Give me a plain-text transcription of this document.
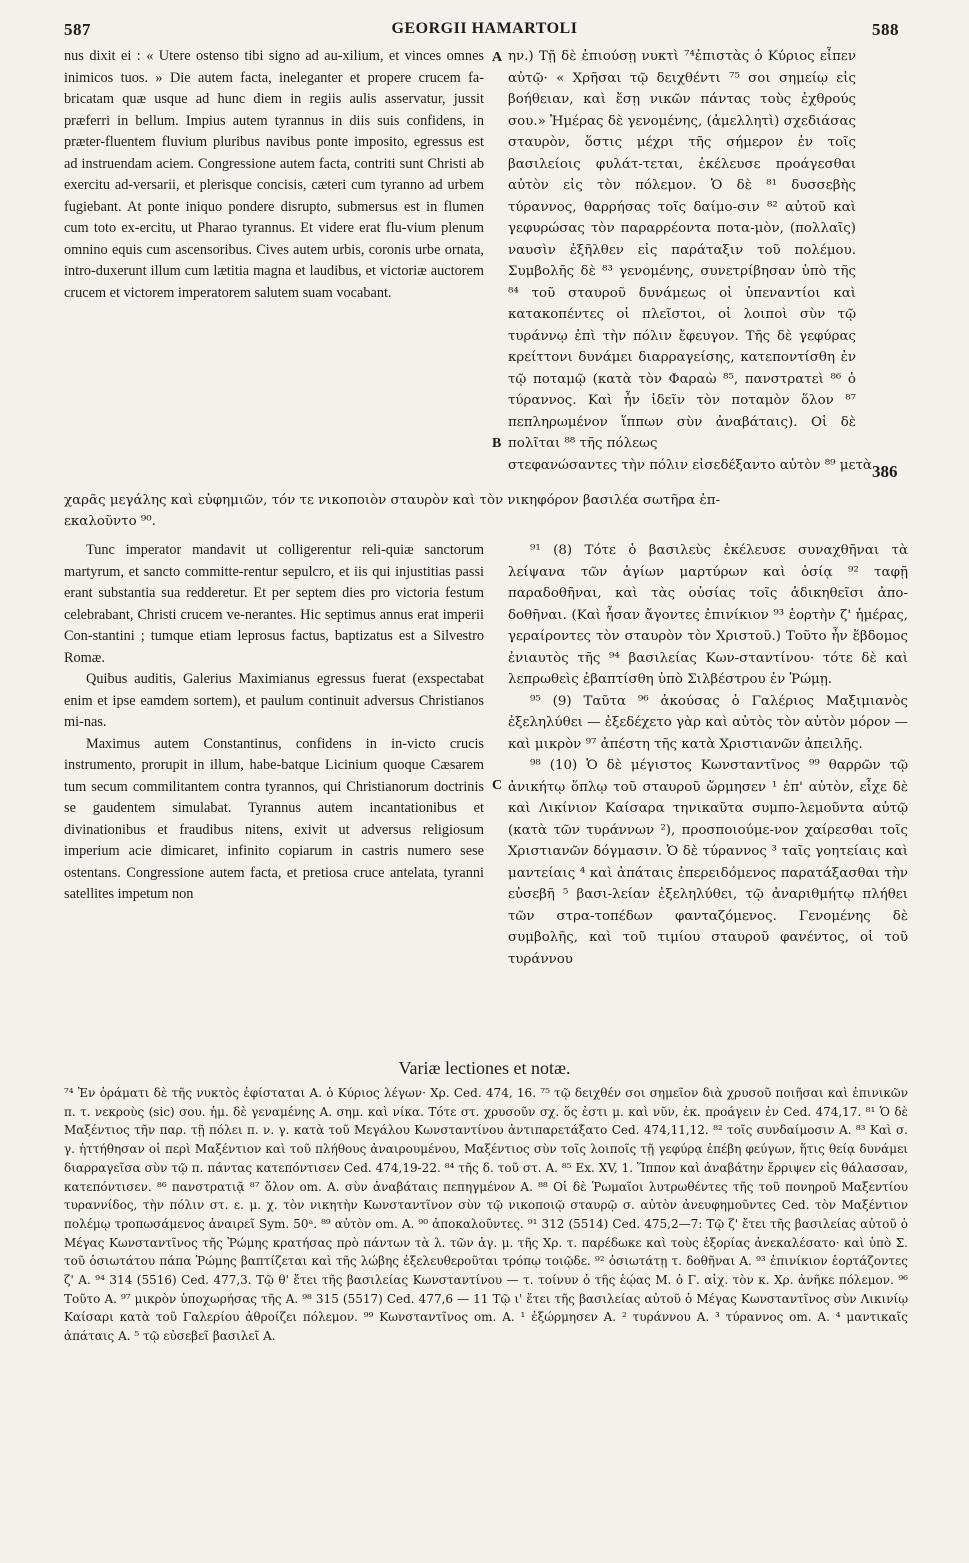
587	GEORGII HAMARTOLI	588
A
B
C
386

nus dixit ei : « Utere ostenso tibi signo ad au-xilium, et vinces omnes inimicos tuos. » Die autem facta, ineleganter et propere crucem fa-bricatam quæ usque ad hunc diem in regiis aulis asservatur, jussit præferri in bellum. Impius autem tyrannus in diis suis confidens, in præter-fluentem fluvium pluribus navibus ponte imposito, egressus est ad instruendam aciem. Congressione autem facta, contriti sunt Christi ab exercitu ad-versarii, et plerisque concisis, cæteri cum tyranno ad urbem fugiebant. At ponte iniquo pondere disrupto, submersus est in flumen cum toto ex-ercitu, ut Pharao tyrannus. Et videre erat flu-vium plenum omnino equis cum ascensoribus. Cives autem urbis, coronis urbe ornata, intro-duxerunt illum cum lætitia magna et laudibus, et victoriæ auctorem crucem et victorem imperatorem salutem suam vocabant.

ην.) Τῇ δὲ ἐπιούσῃ νυκτὶ ⁷⁴ἐπιστὰς ὁ Κύριος εἶπεν αὐτῷ· « Χρῆσαι τῷ δειχθέντι ⁷⁵ σοι σημείῳ εἰς βοήθειαν, καὶ ἔσῃ νικῶν πάντας τοὺς ἐχθρούς σου.» Ἡμέρας δὲ γενομένης, (ἀμελλητὶ) σχεδιάσας σταυρὸν, ὅστις μέχρι τῆς σήμερον ἐν τοῖς βασιλείοις φυλάτ-τεται, ἐκέλευσε προάγεσθαι αὐτὸν εἰς τὸν πόλεμον. Ὁ δὲ ⁸¹ δυσσεβὴς τύραννος, θαρρήσας τοῖς δαίμο-σιν ⁸² αὐτοῦ καὶ γεφυρώσας τὸν παραρρέοντα ποτα-μὸν, (πολλαῖς) ναυσὶν ἐξῆλθεν εἰς παράταξιν τοῦ πολέμου. Συμβολῆς δὲ ⁸³ γενομένης, συνετρίβησαν ὑπὸ τῆς ⁸⁴ τοῦ σταυροῦ δυνάμεως οἱ ὑπεναντίοι καὶ κατακοπέντες οἱ πλεῖστοι, οἱ λοιποὶ σὺν τῷ τυράννῳ ἐπὶ τὴν πόλιν ἔφευγον. Τῆς δὲ γεφύρας κρείττονι δυνάμει διαρραγείσης, κατεποντίσθη ἐν τῷ ποταμῷ (κατὰ τὸν Φαραὼ ⁸⁵, πανστρατεὶ ⁸⁶ ὁ τύραννος. Καὶ ἦν ἰδεῖν τὸν ποταμὸν ὅλον ⁸⁷ πεπληρωμένον ἵππων σὺν ἀναβάταις). Οἱ δὲ πολῖται ⁸⁸ τῆς πόλεως

στεφανώσαντες τὴν πόλιν εἰσεδέξαντο αὐτὸν ⁸⁹ μετὰ

χαρᾶς μεγάλης καὶ εὐφημιῶν, τόν τε νικοποιὸν σταυρὸν καὶ τὸν νικηφόρον βασιλέα σωτῆρα ἐπ-
εκαλοῦντο ⁹⁰.

Tunc imperator mandavit ut colligerentur reli-quiæ sanctorum martyrum, et sancto committe-rentur sepulcro, et iis qui injustitias passi erant substantia sua redderetur. Et per septem dies pro victoria festum celebrabant, Christi crucem ve-nerantes. Hic septimus annus erat imperii Con-stantini ; tumque etiam leprosus factus, baptizatus est a Silvestro Romæ.

Quibus auditis, Galerius Maximianus egressus fuerat (exspectabat enim et ipse eamdem sortem), et paulum continuit adversus Christianos mi-nas.

Maximus autem Constantinus, confidens in in-victo crucis instrumento, prorupit in illum, habe-batque Licinium quoque Cæsarem tum secum commilitantem contra tyrannos, qui Christianorum doctrinis se gaudentem simulabat. Tyrannus autem incantationibus et divinationibus et fraudibus nitens, exivit ut adversus religiosum imperium acie dimicaret, infinito copiarum in castris numero sese ostentans. Congressione autem facta, et pretiosa cruce antelata, tyranni satellites impetum non

⁹¹ (8) Τότε ὁ βασιλεὺς ἐκέλευσε συναχθῆναι τὰ λείψανα τῶν ἁγίων μαρτύρων καὶ ὁσίᾳ ⁹² ταφῇ παραδοθῆναι, καὶ τὰς οὐσίας τοῖς ἀδικηθεῖσι ἀπο-δοθῆναι. (Καὶ ἦσαν ἄγοντες ἐπινίκιον ⁹³ ἑορτὴν ζ' ἡμέρας, γεραίροντες τὸν σταυρὸν τὸν Χριστοῦ.) Τοῦτο ἦν ἕβδομος ἐνιαυτὸς τῆς ⁹⁴ βασιλείας Κων-σταντίνου· τότε δὲ καὶ λεπρωθεὶς ἐβαπτίσθη ὑπὸ Σιλβέστρου ἐν Ῥώμῃ.

⁹⁵ (9) Ταῦτα ⁹⁶ ἀκούσας ὁ Γαλέριος Μαξιμιανὸς ἐξεληλύθει — ἐξεδέχετο γὰρ καὶ αὐτὸς τὸν αὐτὸν μόρον — καὶ μικρὸν ⁹⁷ ἀπέστη τῆς κατὰ Χριστιανῶν ἀπειλῆς.

⁹⁸ (10) Ὁ δὲ μέγιστος Κωνσταντῖνος ⁹⁹ θαρρῶν τῷ ἀνικήτῳ ὅπλῳ τοῦ σταυροῦ ὥρμησεν ¹ ἐπ' αὐτὸν, εἶχε δὲ καὶ Λικίνιον Καίσαρα τηνικαῦτα συμπο-λεμοῦντα αὐτῷ (κατὰ τῶν τυράννων ²), προσποιούμε-νον χαίρεσθαι τοῖς Χριστιανῶν δόγμασιν. Ὁ δὲ τύραννος ³ ταῖς γοητείαις καὶ μαντείαις ⁴ καὶ ἀπάταις ἐπερειδόμενος παρατάξασθαι τὴν εὐσεβῆ ⁵ βασι-λείαν ἐξεληλύθει, τῷ ἀναριθμήτῳ πλήθει τῶν στρα-τοπέδων φανταζόμενος. Γενομένης δὲ συμβολῆς, καὶ τοῦ τιμίου σταυροῦ φανέντος, οἱ τοῦ τυράννου

Variæ lectiones et notæ.
⁷⁴ Ἐν ὁράματι δὲ τῆς νυκτὸς ἐφίσταται A. ὁ Κύριος λέγων· Χρ. Ced. 474, 16. ⁷⁵ τῷ δειχθέν σοι σημεῖον διὰ χρυσοῦ ποιῆσαι καὶ ἐπινικῶν π. τ. νεκροὺς (sic) σου. ἡμ. δὲ γεναμένης A. σημ. καὶ νίκα. Τότε στ. χρυσοῦν σχ. ὅς ἐστι μ. καὶ νῦν, ἐκ. προάγειν ἐν Ced. 474,17. ⁸¹ Ὁ δὲ Μαξέντιος τῆν παρ. τῇ πόλει π. ν. γ. κατὰ τοῦ Μεγάλου Κωνσταντίνου ἀντιπαρετάξατο Ced. 474,11,12. ⁸² τοῖς συνδαίμοσιν A. ⁸³ Καὶ σ. γ. ἡττήθησαν οἱ περὶ Μαξέντιον καὶ τοῦ πλήθους ἀναιρουμένου, Μαξέντιος σὺν τοῖς λοιποῖς τῇ γεφύρᾳ ἐπέβη φεύγων, ἥτις θείᾳ δυνάμει διαρραγεῖσα σὺν τῷ π. πάντας κατεπόντισεν Ced. 474,19-22. ⁸⁴ τῆς δ. τοῦ στ. A. ⁸⁵ Ex. XV, 1. Ἵππον καὶ ἀναβάτην ἔρριψεν εἰς θάλασσαν, κατεπόντισεν. ⁸⁶ πανστρατιᾷ ⁸⁷ ὅλον om. A. σὺν ἀναβάταις πεπηγμένον A. ⁸⁸ Οἱ δὲ Ῥωμαῖοι λυτρωθέντες τῆς τοῦ πονηροῦ Μαξεντίου τυραννίδος, τὴν πόλιν στ. ε. μ. χ. τὸν νικητὴν Κωνσταντῖνον σὺν τῷ νικοποιῷ σταυρῷ σ. αὐτὸν ἀνευφημοῦντες Ced. τὸν Μαξέντιον πολέμῳ τροπωσάμενος ἀναιρεῖ Sym. 50ᵃ. ⁸⁹ αὐτὸν om. A. ⁹⁰ ἀποκαλοῦντες. ⁹¹ 312 (5514) Ced. 475,2—7: Τῷ ζ' ἔτει τῆς βασιλείας αὐτοῦ ὁ Μέγας Κωνσταντῖνος τῆς Ῥώμης κρατήσας πρὸ πάντων τὰ λ. τῶν ἁγ. μ. τῆς Χρ. τ. παρέδωκε καὶ τοὺς ἐξορίας ἀνεκαλέσατο· καὶ ὑπὸ Σ. τοῦ ὁσιωτάτου πάπα Ῥώμης βαπτίζεται καὶ τῆς λώβης ἐξελευθεροῦται τρόπῳ τοιῷδε. ⁹² ὁσιωτάτῃ τ. δοθῆναι A. ⁹³ ἐπινίκιον ἑορτάζοντες ζ' A. ⁹⁴ 314 (5516) Ced. 477,3. Τῷ θ' ἔτει τῆς βασιλείας Κωνσταντίνου — τ. τοίνυν ὁ τῆς ἑῴας M. ὁ Γ. αἰχ. τὸν κ. Χρ. ἀνῆκε πόλεμον. ⁹⁶ Τοῦτο A. ⁹⁷ μικρὸν ὑποχωρήσας τῆς A. ⁹⁸ 315 (5517) Ced. 477,6 — 11 Τῷ ι' ἔτει τῆς βασιλείας αὐτοῦ ὁ Μέγας Κωνσταντῖνος σὺν Λικινίῳ Καίσαρι κατὰ τοῦ Γαλερίου ἀθροίζει πόλεμον. ⁹⁹ Κωνσταντῖνος om. A. ¹ ἐξώρμησεν A. ² τυράννου A. ³ τύραννος om. A. ⁴ μαντικαῖς ἀπάταις A. ⁵ τῷ εὐσεβεῖ βασιλεῖ A.
